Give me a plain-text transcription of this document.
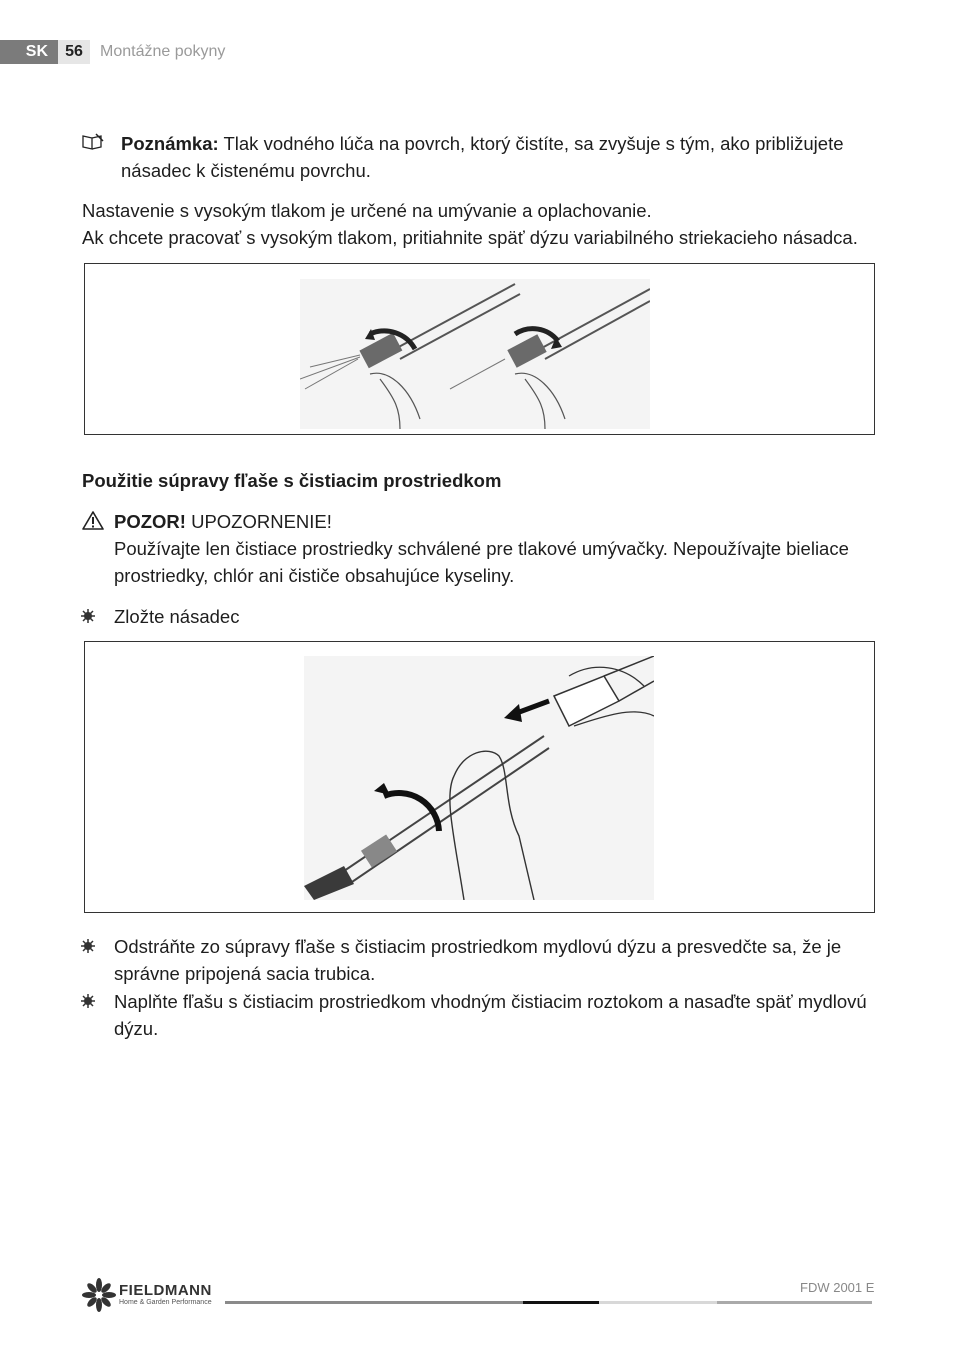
SK	56	Montážne pokyny
Poznámka: Tlak vodného lúča na povrch, ktorý čistíte, sa zvyšuje s tým, ako približujete
násadec k čistenému povrchu.
Nastavenie s vysokým tlakom je určené na umývanie a oplachovanie.
Ak chcete pracovať s vysokým tlakom, pritiahnite späť dýzu variabilného striekacieho násadca.
Použitie súpravy fľaše s čistiacim prostriedkom
POZOR! UPOZORNENIE!
Používajte len čistiace prostriedky schválené pre tlakové umývačky. Nepoužívajte bieliace
prostriedky, chlór ani čističe obsahujúce kyseliny.
Zložte násadec
Odstráňte zo súpravy fľaše s čistiacim prostriedkom mydlovú dýzu a presvedčte sa, že je
správne pripojená sacia trubica.
Naplňte fľašu s čistiacim prostriedkom vhodným čistiacim roztokom a nasaďte späť mydlovú
dýzu.
FIELDMANN
Home & Garden Performance
FDW 2001 E
